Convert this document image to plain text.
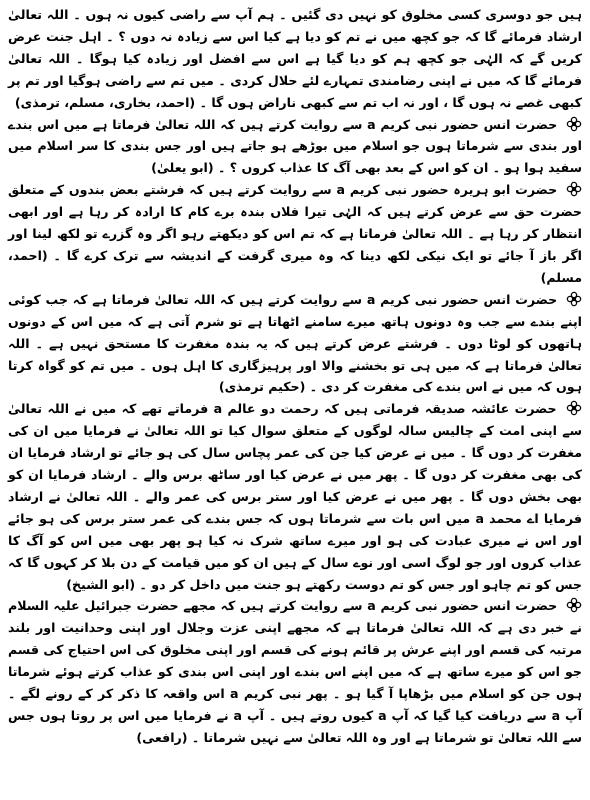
ہیں جو دوسری کسی مخلوق کو نہیں دی گئیں ۔ ہم آپ سے راضی کیوں نہ ہوں ۔ اللہ تعالیٰ ارشاد فرمائے گا کہ جو کچھ میں نے تم کو دیا ہے کیا اس سے زیادہ نہ دوں ؟ ۔ اہل جنت عرض کریں گے کہ الہٰی جو کچھ ہم کو دیا گیا ہے اس سے افضل اور زیادہ کیا ہوگا ۔ اللہ تعالیٰ فرمائے گا کہ میں نے اپنی رضامندی تمہارے لئے حلال کردی ۔ میں تم سے راضی ہوگیا اور تم پر کبھی غصے نہ ہوں گا ، اور نہ اب تم سے کبھی ناراض ہوں گا ۔ (احمد، بخاری، مسلم، ترمذی)

حضرت انس حضور نبی کریم a سے روایت کرتے ہیں کہ اللہ تعالیٰ فرماتا ہے میں اس بندے اور بندی سے شرماتا ہوں جو اسلام میں بوڑھے ہو جاتے ہیں اور جس بندی کا سر اسلام میں سفید ہوا ہو ۔ ان کو اس کے بعد بھی آگ کا عذاب کروں ؟ ۔ (ابو یعلیٰ)

حضرت ابو ہریرہ حضور نبی کریم a سے روایت کرتے ہیں کہ فرشتے بعض بندوں کے متعلق حضرت حق سے عرض کرتے ہیں کہ الہٰی تیرا فلاں بندہ برے کام کا ارادہ کر رہا ہے اور ابھی انتظار کر رہا ہے ۔ اللہ تعالیٰ فرماتا ہے کہ تم اس کو دیکھتے رہو اگر وہ گزرے تو لکھ لینا اور اگر باز آ جائے تو ایک نیکی لکھ دینا کہ وہ میری گرفت کے اندیشہ سے ترک کرے گا ۔ (احمد، مسلم)

حضرت انس حضور نبی کریم a سے روایت کرتے ہیں کہ اللہ تعالیٰ فرماتا ہے کہ جب کوئی اپنے بندے سے جب وہ دونوں ہاتھ میرے سامنے اٹھاتا ہے تو شرم آتی ہے کہ میں اس کے دونوں ہاتھوں کو لوٹا دوں ۔ فرشتے عرض کرتے ہیں کہ یہ بندہ مغفرت کا مستحق نہیں ہے ۔ اللہ تعالیٰ فرماتا ہے کہ میں ہی تو بخشنے والا اور پرہیزگاری کا اہل ہوں ۔ میں تم کو گواہ کرتا ہوں کہ میں نے اس بندے کی مغفرت کر دی ۔ (حکیم ترمذی)

حضرت عائشہ صدیقہ فرماتی ہیں کہ رحمت دو عالم a فرماتے تھے کہ میں نے اللہ تعالیٰ سے اپنی امت کے چالیس سالہ لوگوں کے متعلق سوال کیا تو اللہ تعالیٰ نے فرمایا میں ان کی مغفرت کر دوں گا ۔ میں نے عرض کیا جن کی عمر پچاس سال کی ہو جائے تو ارشاد فرمایا ان کی بھی مغفرت کر دوں گا ۔ پھر میں نے عرض کیا اور ساٹھ برس والے ۔ ارشاد فرمایا ان کو بھی بخش دوں گا ۔ پھر میں نے عرض کیا اور ستر برس کی عمر والے ۔ اللہ تعالیٰ نے ارشاد فرمایا اے محمد a میں اس بات سے شرماتا ہوں کہ جس بندے کی عمر ستر برس کی ہو جائے اور اس نے میری عبادت کی ہو اور میرے ساتھ شرک نہ کیا ہو پھر بھی میں اس کو آگ کا عذاب کروں اور جو لوگ اسی اور نوے سال کے ہیں ان کو میں قیامت کے دن بلا کر کہوں گا کہ جس کو تم چاہو اور جس کو تم دوست رکھتے ہو جنت میں داخل کر دو ۔ (ابو الشیخ)

حضرت انس حضور نبی کریم a سے روایت کرتے ہیں کہ مجھے حضرت جبرائیل علیہ السلام نے خبر دی ہے کہ اللہ تعالیٰ فرماتا ہے کہ مجھے اپنی عزت وجلال اور اپنی وحدانیت اور بلند مرتبہ کی قسم اور اپنے عرش پر قائم ہونے کی قسم اور اپنی مخلوق کی اس احتیاج کی قسم جو اس کو میرے ساتھ ہے کہ میں اپنے اس بندے اور اپنی اس بندی کو عذاب کرتے ہوئے شرماتا ہوں جن کو اسلام میں بڑھاپا آ گیا ہو ۔ پھر نبی کریم a اس واقعہ کا ذکر کر کے رونے لگے ۔ آپ a سے دریافت کیا گیا کہ آپ a کیوں روتے ہیں ۔ آپ a نے فرمایا میں اس پر روتا ہوں جس سے اللہ تعالیٰ تو شرماتا ہے اور وہ اللہ تعالیٰ سے نہیں شرماتا ۔ (رافعی)
